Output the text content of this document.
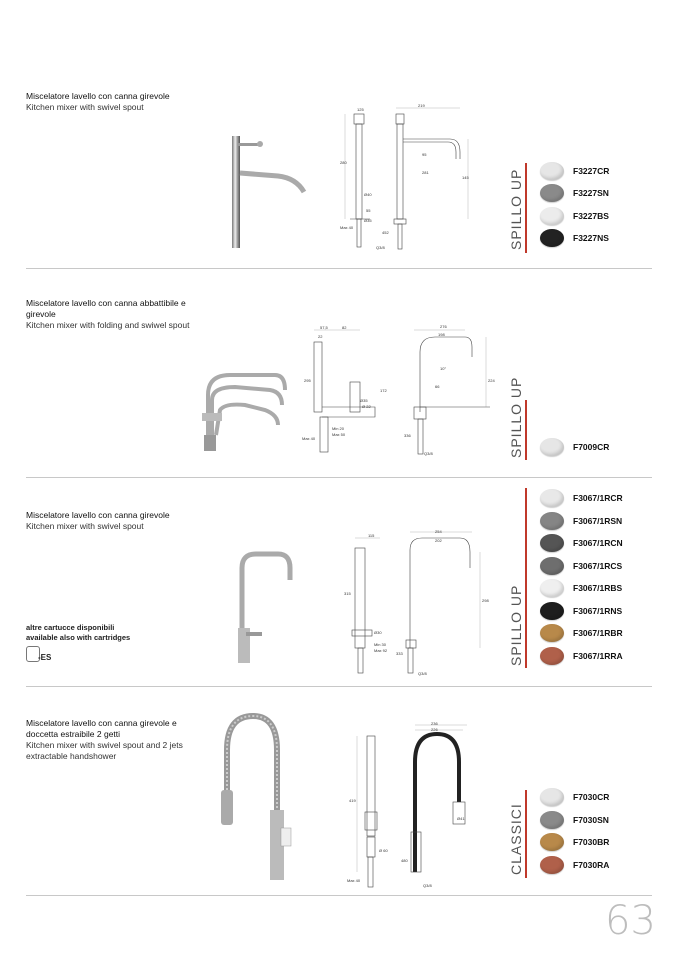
Miscelatore lavello con canna girevole
Kitchen mixer with swivel spout	219
125
280
Ø40
55
Ø35
Max 40
452
Q3/8
145
281
95
SPILLO UP	F3227CR
F3227SN
F3227BS
F3227NS
Miscelatore lavello con canna abbattibile e girevole
Kitchen mixer with folding and swiwel spout	57,5	82
22
Ø35
295
172
Max 40
Min 20
Max 50
Ø 22
276
198
10°
66
224
336
Q3/8	SPILLO UP	F7009CR
Miscelatore lavello con canna girevole
Kitchen mixer with swivel spout
altre cartucce disponibili
available also with cartridges
-ES
115
254
202
315
Ø30
Min 30
Max 92
298
333
Q3/8
SPILLO UP
F3067/1RCR
F3067/1RSN
F3067/1RCN
F3067/1RCS
F3067/1RBS
F3067/1RNS
F3067/1RBR
F3067/1RRA
Miscelatore lavello con canna girevole e doccetta estraibile 2 getti
Kitchen mixer with swivel spout and 2 jets extractable handshower
236
226
419
Ø41
Ø 60
Max 40
Q3/8
480	CLASSICI
F7030CR
F7030SN
F7030BR
F7030RA
63
